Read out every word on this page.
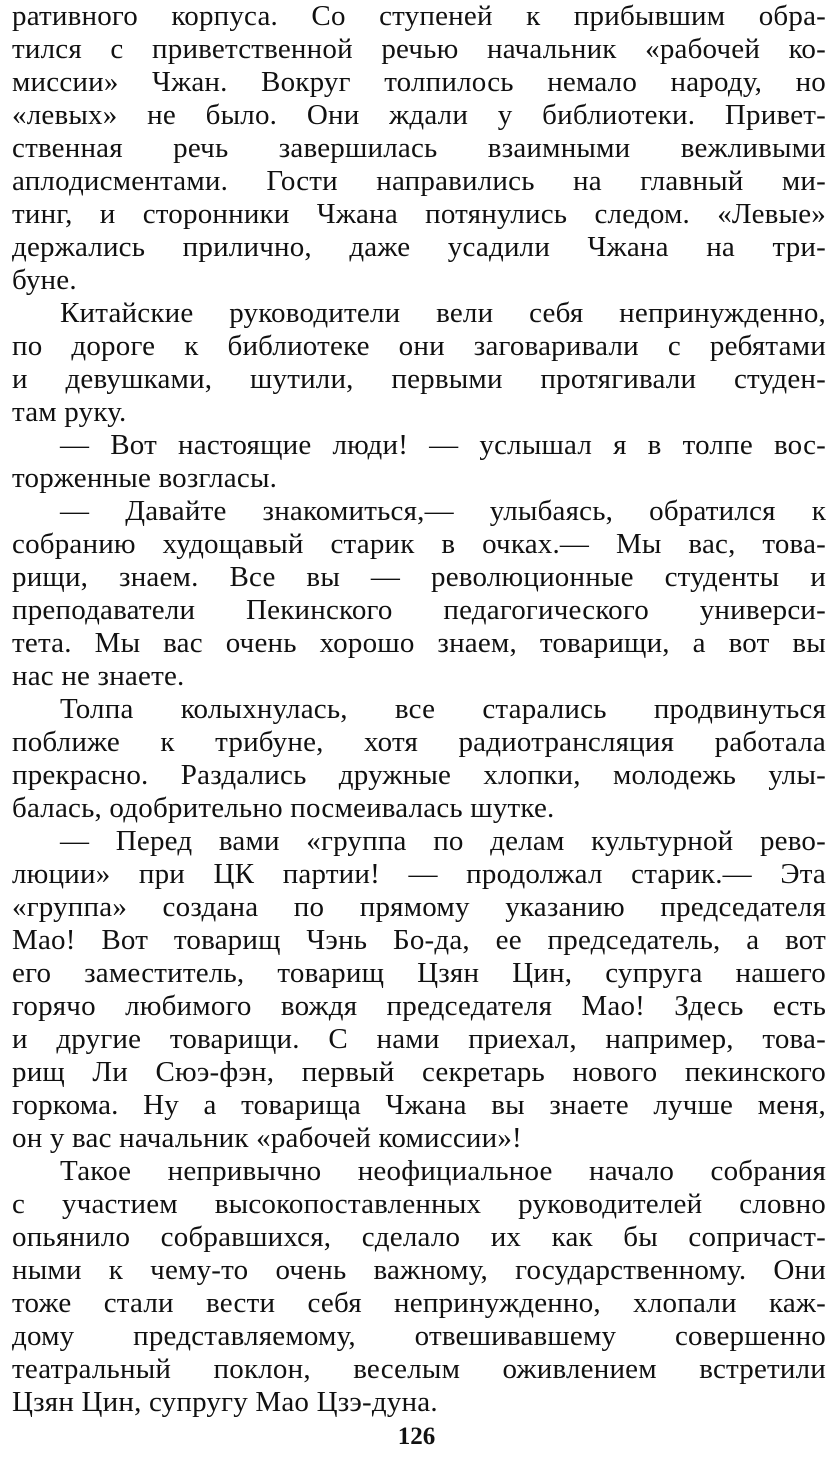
ративного корпуса. Со ступеней к прибывшим обра-
тился с приветственной речью начальник «рабочей ко-
миссии» Чжан. Вокруг толпилось немало народу, но
«левых» не было. Они ждали у библиотеки. Привет-
ственная речь завершилась взаимными вежливыми
аплодисментами. Гости направились на главный ми-
тинг, и сторонники Чжана потянулись следом. «Левые»
держались прилично, даже усадили Чжана на три-
буне.
Китайские руководители вели себя непринужденно,
по дороге к библиотеке они заговаривали с ребятами
и девушками, шутили, первыми протягивали студен-
там руку.
— Вот настоящие люди! — услышал я в толпе вос-
торженные возгласы.
— Давайте знакомиться,— улыбаясь, обратился к
собранию худощавый старик в очках.— Мы вас, това-
рищи, знаем. Все вы — революционные студенты и
преподаватели Пекинского педагогического универси-
тета. Мы вас очень хорошо знаем, товарищи, а вот вы
нас не знаете.
Толпа колыхнулась, все старались продвинуться
поближе к трибуне, хотя радиотрансляция работала
прекрасно. Раздались дружные хлопки, молодежь улы-
балась, одобрительно посмеивалась шутке.
— Перед вами «группа по делам культурной рево-
люции» при ЦК партии! — продолжал старик.— Эта
«группа» создана по прямому указанию председателя
Мао! Вот товарищ Чэнь Бо-да, ее председатель, а вот
его заместитель, товарищ Цзян Цин, супруга нашего
горячо любимого вождя председателя Мао! Здесь есть
и другие товарищи. С нами приехал, например, това-
рищ Ли Сюэ-фэн, первый секретарь нового пекинского
горкома. Ну а товарища Чжана вы знаете лучше меня,
он у вас начальник «рабочей комиссии»!
Такое непривычно неофициальное начало собрания
с участием высокопоставленных руководителей словно
опьянило собравшихся, сделало их как бы сопричаст-
ными к чему-то очень важному, государственному. Они
тоже стали вести себя непринужденно, хлопали каж-
дому представляемому, отвешивавшему совершенно
театральный поклон, веселым оживлением встретили
Цзян Цин, супругу Мао Цзэ-дуна.
126
